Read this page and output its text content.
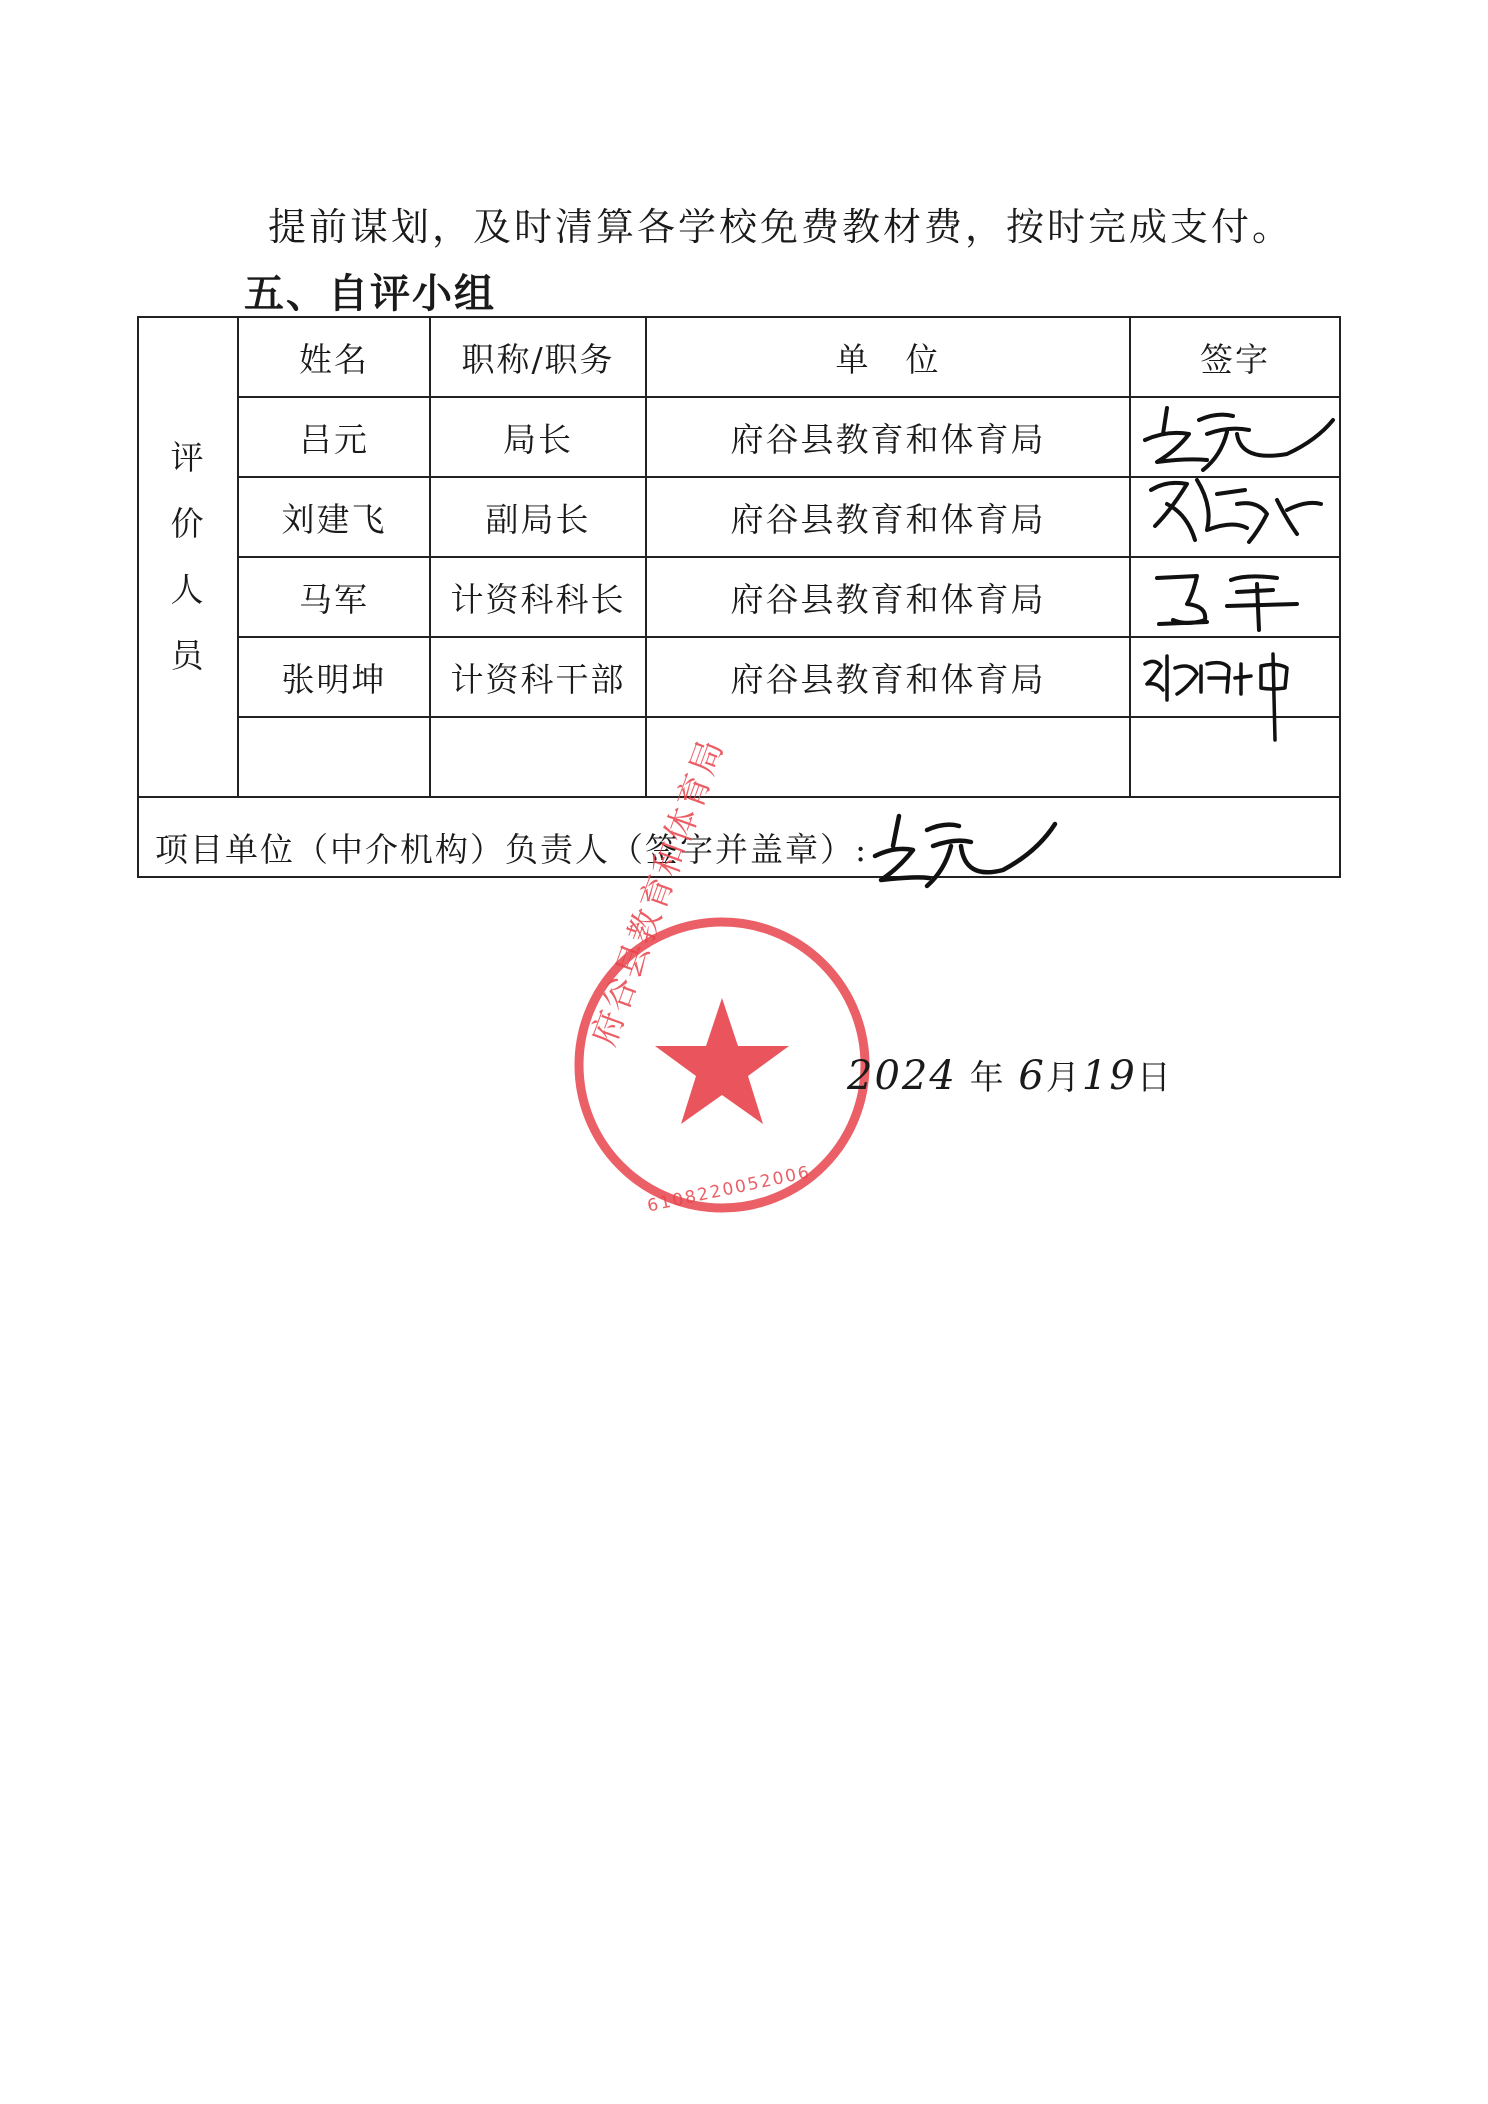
提前谋划，及时清算各学校免费教材费，按时完成支付。
五、自评小组
评
价
人
员	姓名	职称/职务	单　位	签字
	吕元	局长	府谷县教育和体育局	

	刘建飞	副局长	府谷县教育和体育局	

	马军	计资科科长	府谷县教育和体育局	

	张明坤	计资科干部	府谷县教育和体育局	

项目单位（中介机构）负责人（签字并盖章）:
府谷县教育和体育局
6108220052006
2024 年 6月19日				
